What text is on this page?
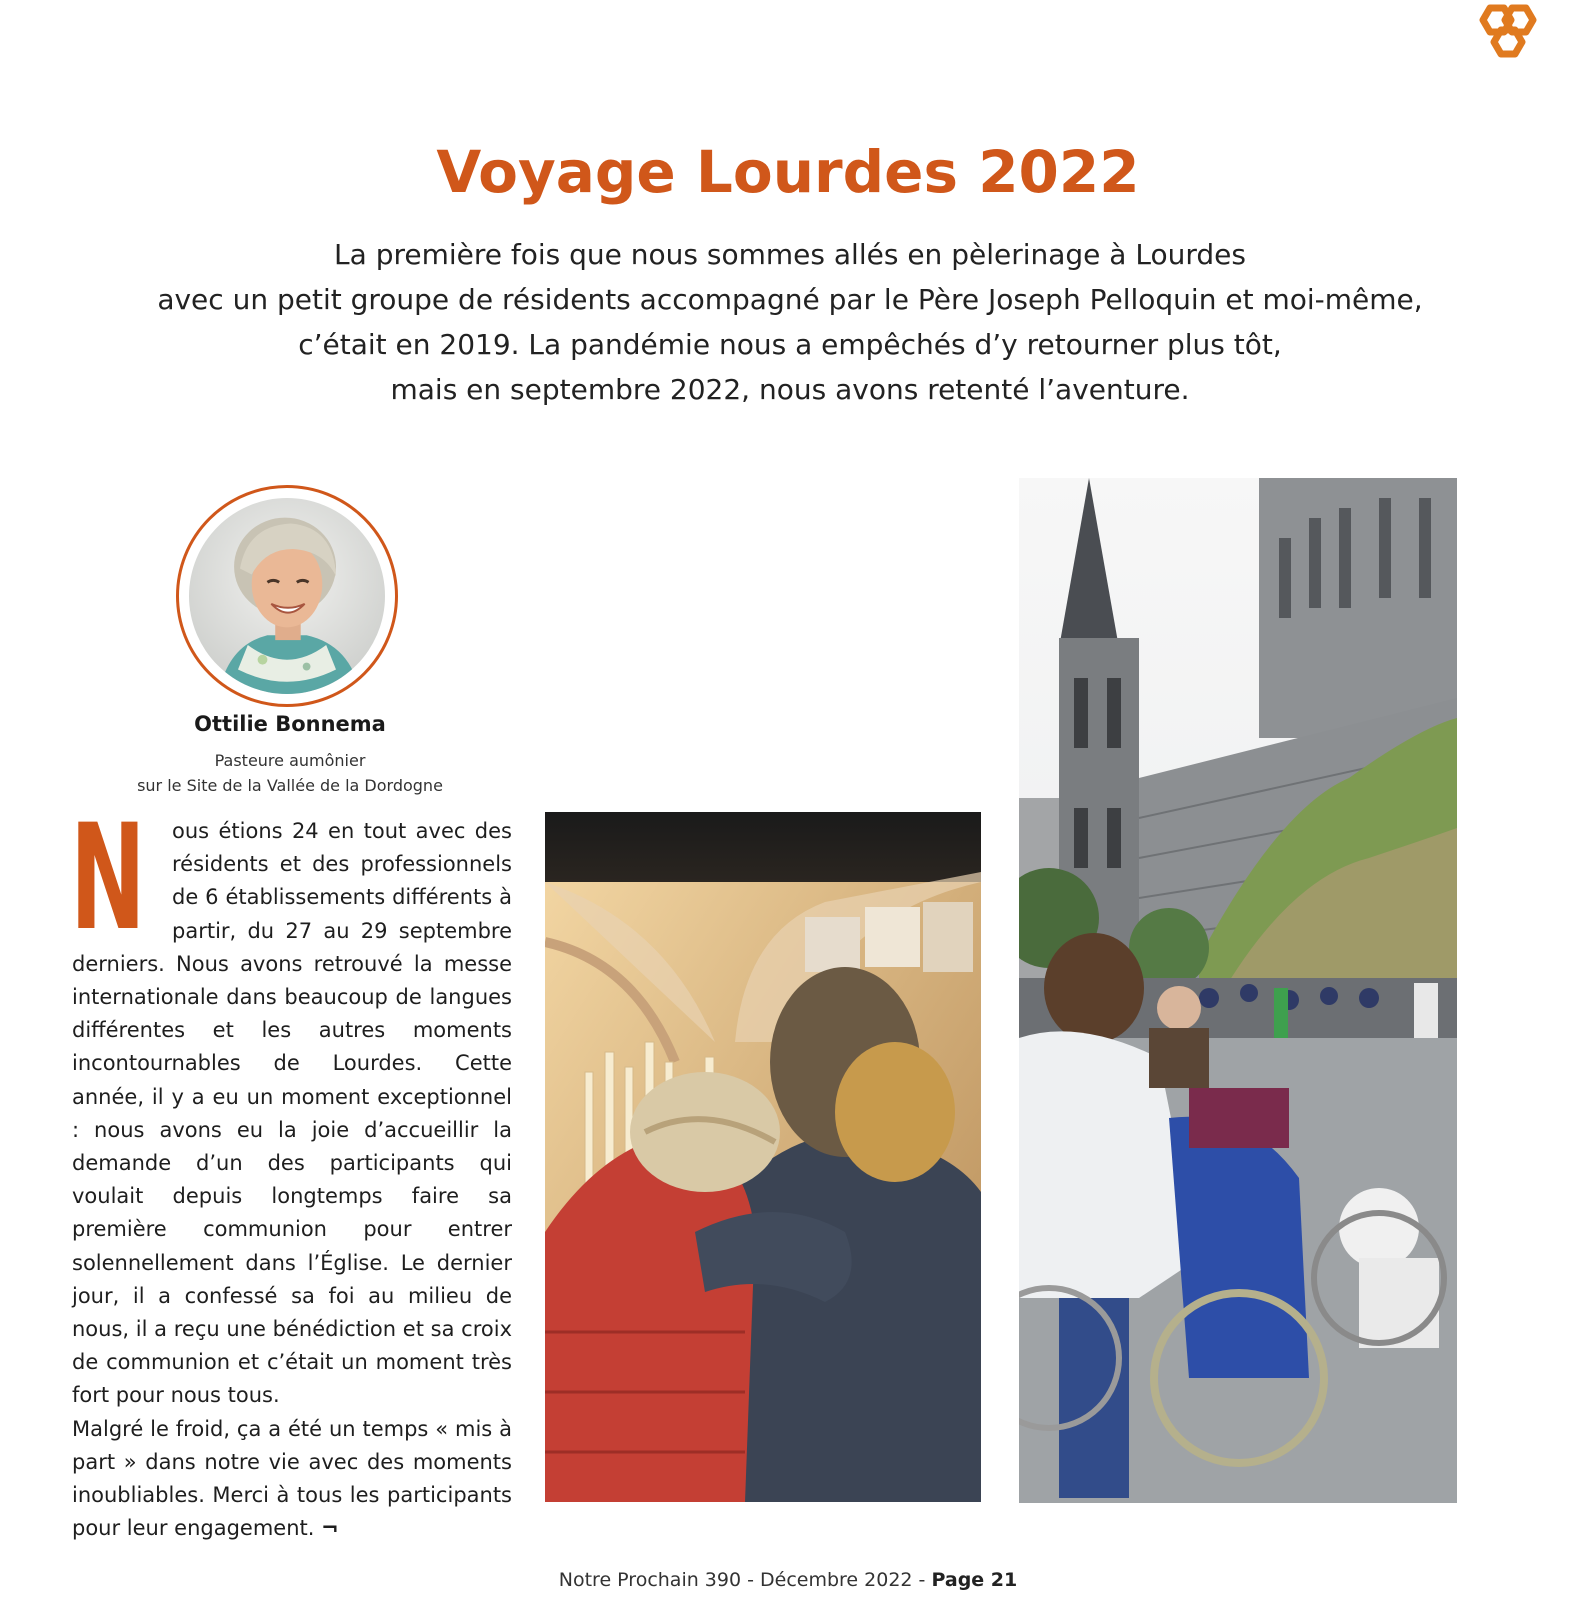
Voyage Lourdes 2022
La première fois que nous sommes allés en pèlerinage à Lourdes
avec un petit groupe de résidents accompagné par le Père Joseph Pelloquin et moi-même,
c’était en 2019. La pandémie nous a empêchés d’y retourner plus tôt,
mais en septembre 2022, nous avons retenté l’aventure.
Ottilie Bonnema
Pasteure aumônier
sur le Site de la Vallée de la Dordogne
N	ous étions 24 en tout avec des résidents et des professionnels de 6 établissements différents à partir, du 27 au 29 septembre derniers. Nous avons retrouvé la messe internationale dans beaucoup de langues différentes et les autres moments incontournables de Lourdes. Cette année, il y a eu un moment exceptionnel : nous avons eu la joie d’accueillir la demande d’un des participants qui voulait depuis longtemps faire sa première communion pour entrer solennellement dans l’Église. Le dernier jour, il a confessé sa foi au milieu de nous, il a reçu une bénédiction et sa croix de communion et c’était un moment très fort pour nous tous.

Malgré le froid, ça a été un temps « mis à part » dans notre vie avec des moments inoubliables. Merci à tous les participants pour leur engagement. ¬

Notre Prochain 390 - Décembre 2022 - Page 21
